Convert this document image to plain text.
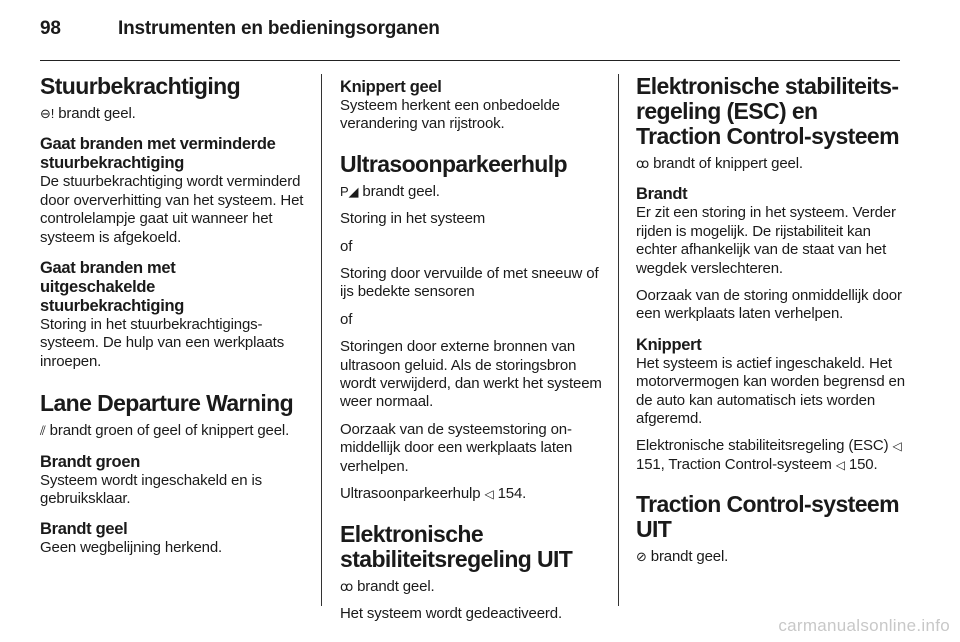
98	Instrumenten en bedieningsorganen
Stuurbekrachtiging

⊖! brandt geel.

Gaat branden met verminderde stuurbekrachtiging

De stuurbekrachtiging wordt verminderd door oververhitting van het systeem. Het controlelampje gaat uit wanneer het systeem is afgekoeld.

Gaat branden met uitgeschakelde stuurbekrachtiging

Storing in het stuurbekrachtigingssysteem. De hulp van een werkplaats inroepen.

Lane Departure Warning

⫽ brandt groen of geel of knippert geel.

Brandt groen

Systeem wordt ingeschakeld en is gebruiksklaar.

Brandt geel

Geen wegbelijning herkend.

Knippert geel

Systeem herkent een onbedoelde verandering van rijstrook.

Ultrasoonparkeerhulp

P◢ brandt geel.

Storing in het systeem

of

Storing door vervuilde of met sneeuw of ijs bedekte sensoren

of

Storingen door externe bronnen van ultrasoon geluid. Als de storingsbron wordt verwijderd, dan werkt het systeem weer normaal.

Oorzaak van de systeemstoring onmiddellijk door een werkplaats laten verhelpen.

Ultrasoonparkeerhulp ◁ 154.

Elektronische stabiliteitsregeling UIT

ꝏ brandt geel.

Het systeem wordt gedeactiveerd.

Elektronische stabiliteitsregeling (ESC) en Traction Control-systeem

ꝏ brandt of knippert geel.

Brandt

Er zit een storing in het systeem. Verder rijden is mogelijk. De rijstabiliteit kan echter afhankelijk van de staat van het wegdek verslechteren.

Oorzaak van de storing onmiddellijk door een werkplaats laten verhelpen.

Knippert

Het systeem is actief ingeschakeld. Het motorvermogen kan worden begrensd en de auto kan automatisch iets worden afgeremd.

Elektronische stabiliteitsregeling (ESC) ◁ 151, Traction Control-systeem ◁ 150.

Traction Control-systeem UIT

⊘ brandt geel.

carmanualsonline.info
